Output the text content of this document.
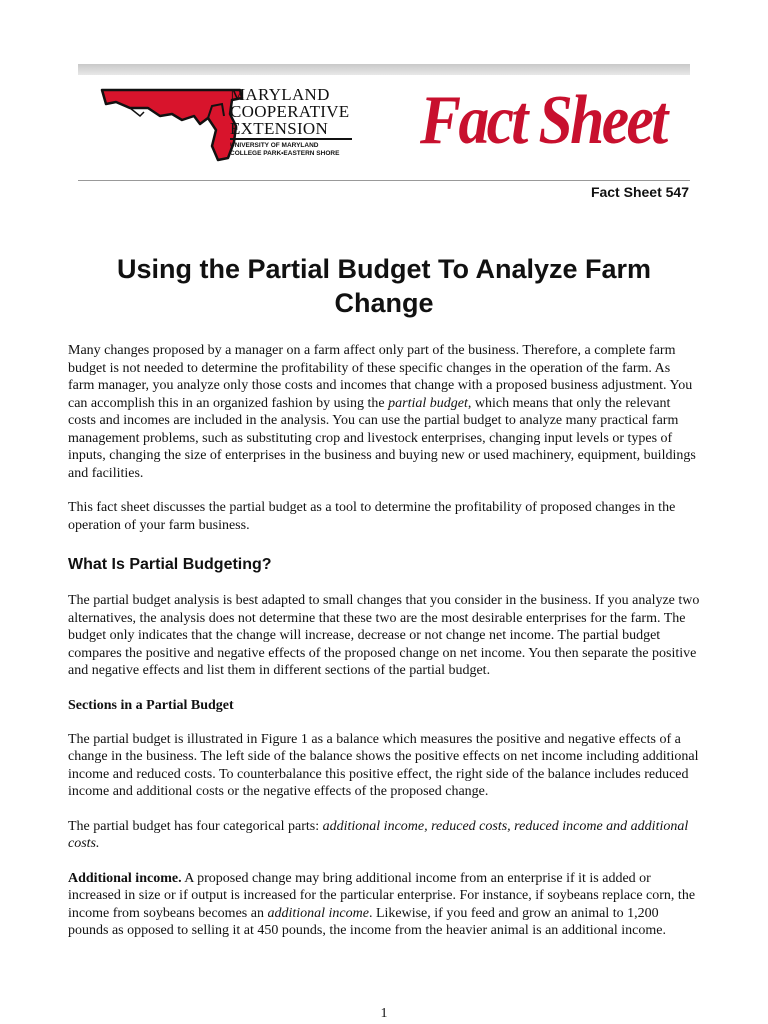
MARYLAND
COOPERATIVE
EXTENSION
UNIVERSITY OF MARYLAND
COLLEGE PARK•EASTERN SHORE Fact Sheet
Fact Sheet 547
Using the Partial Budget To Analyze Farm Change

Many changes proposed by a manager on a farm affect only part of the business. Therefore, a complete farm budget is not needed to determine the profitability of these specific changes in the operation of the farm. As farm manager, you analyze only those costs and incomes that change with a proposed business adjustment. You can accomplish this in an organized fashion by using the partial budget, which means that only the relevant costs and incomes are included in the analysis. You can use the partial budget to analyze many practical farm management problems, such as substituting crop and livestock enterprises, changing input levels or types of inputs, changing the size of enterprises in the business and buying new or used machinery, equipment, buildings and facilities.

This fact sheet discusses the partial budget as a tool to determine the profitability of proposed changes in the operation of your farm business.

What Is Partial Budgeting?

The partial budget analysis is best adapted to small changes that you consider in the business. If you analyze two alternatives, the analysis does not determine that these two are the most desirable enterprises for the farm. The budget only indicates that the change will increase, decrease or not change net income. The partial budget compares the positive and negative effects of the proposed change on net income. You then separate the positive and negative effects and list them in different sections of the partial budget.

Sections in a Partial Budget

The partial budget is illustrated in Figure 1 as a balance which measures the positive and negative effects of a change in the business. The left side of the balance shows the positive effects on net income including additional income and reduced costs. To counterbalance this positive effect, the right side of the balance includes reduced income and additional costs or the negative effects of the proposed change.

The partial budget has four categorical parts: additional income, reduced costs, reduced income and additional costs.

Additional income. A proposed change may bring additional income from an enterprise if it is added or increased in size or if output is increased for the particular enterprise. For instance, if soybeans replace corn, the income from soybeans becomes an additional income. Likewise, if you feed and grow an animal to 1,200 pounds as opposed to selling it at 450 pounds, the income from the heavier animal is an additional income.

1
